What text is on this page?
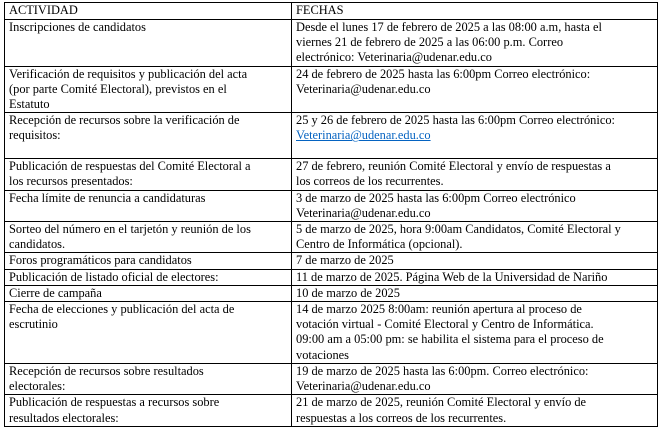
ACTIVIDAD	FECHAS

Inscripciones de candidatos	Desde el lunes 17 de febrero de 2025 a las 08:00 a.m, hasta el
viernes 21 de febrero de 2025 a las 06:00 p.m. Correo
electrónico: Veterinaria@udenar.edu.co

Verificación de requisitos y publicación del acta
(por parte Comité Electoral), previstos en el
Estatuto	24 de febrero de 2025 hasta las 6:00pm Correo electrónico:
Veterinaria@udenar.edu.co

Recepción de recursos sobre la verificación de
requisitos:	25 y 26 de febrero de 2025 hasta las 6:00pm Correo electrónico:
Veterinaria@udenar.edu.co

Publicación de respuestas del Comité Electoral a
los recursos presentados:	27 de febrero, reunión Comité Electoral y envío de respuestas a
los correos de los recurrentes.

Fecha límite de renuncia a candidaturas	3 de marzo de 2025 hasta las 6:00pm Correo electrónico
Veterinaria@udenar.edu.co

Sorteo del número en el tarjetón y reunión de los
candidatos.	5 de marzo de 2025, hora 9:00am Candidatos, Comité Electoral y
Centro de Informática (opcional).

Foros programáticos para candidatos	7 de marzo de 2025

Publicación de listado oficial de electores:	11 de marzo de 2025. Página Web de la Universidad de Nariño

Cierre de campaña	10 de marzo de 2025

Fecha de elecciones y publicación del acta de
escrutinio	14 de marzo 2025 8:00am: reunión apertura al proceso de
votación virtual - Comité Electoral y Centro de Informática.
09:00 am a 05:00 pm: se habilita el sistema para el proceso de
votaciones

Recepción de recursos sobre resultados
electorales:	19 de marzo de 2025 hasta las 6:00pm. Correo electrónico:
Veterinaria@udenar.edu.co

Publicación de respuestas a recursos sobre
resultados electorales:	21 de marzo de 2025, reunión Comité Electoral y envío de
respuestas a los correos de los recurrentes.
